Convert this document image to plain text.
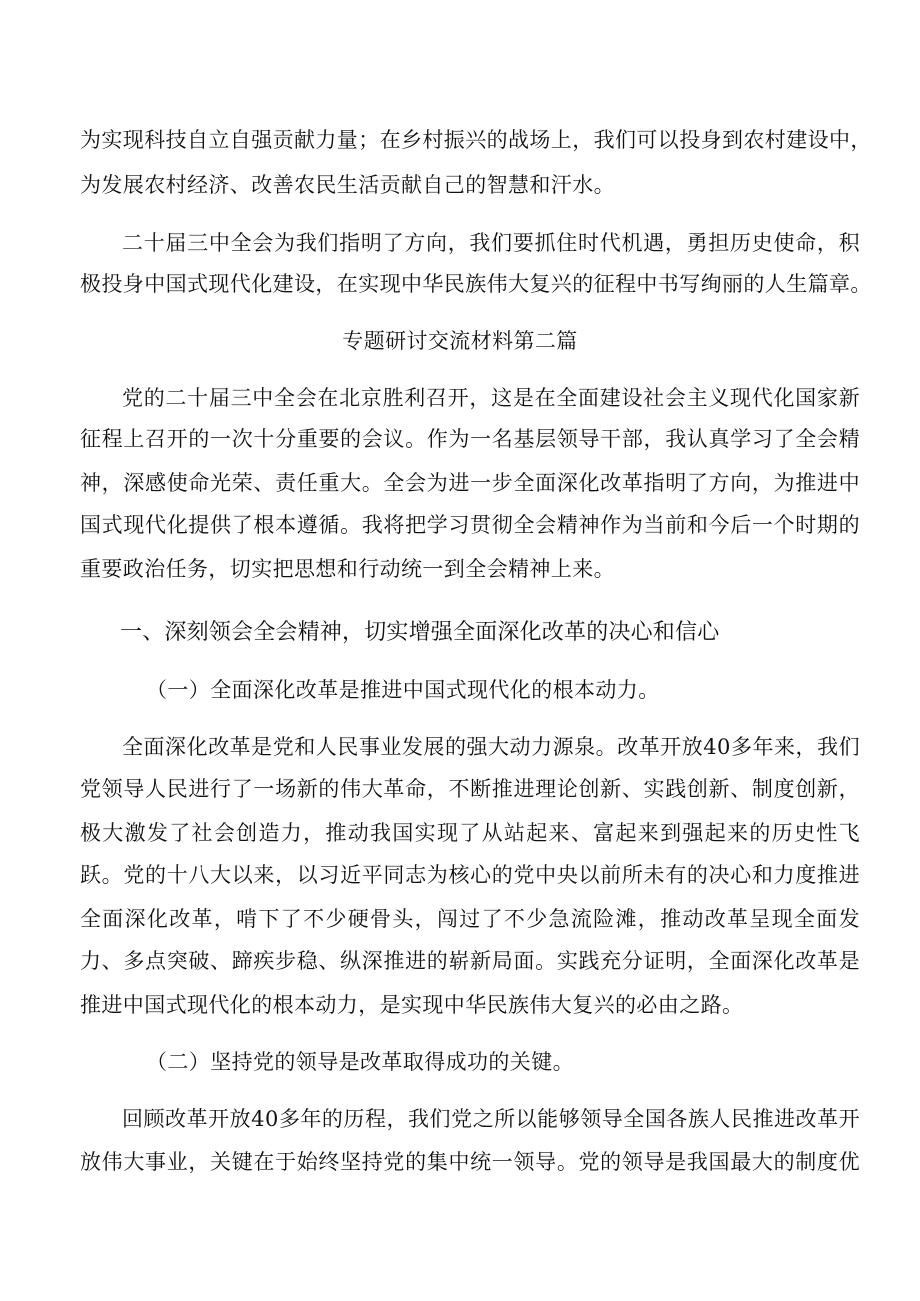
为实现科技自立自强贡献力量；在乡村振兴的战场上，我们可以投身到农村建设中，
为发展农村经济、改善农民生活贡献自己的智慧和汗水。
二十届三中全会为我们指明了方向，我们要抓住时代机遇，勇担历史使命，积
极投身中国式现代化建设，在实现中华民族伟大复兴的征程中书写绚丽的人生篇章。
专题研讨交流材料第二篇
党的二十届三中全会在北京胜利召开，这是在全面建设社会主义现代化国家新
征程上召开的一次十分重要的会议。作为一名基层领导干部，我认真学习了全会精
神，深感使命光荣、责任重大。全会为进一步全面深化改革指明了方向，为推进中
国式现代化提供了根本遵循。我将把学习贯彻全会精神作为当前和今后一个时期的
重要政治任务，切实把思想和行动统一到全会精神上来。
一、深刻领会全会精神，切实增强全面深化改革的决心和信心
（一）全面深化改革是推进中国式现代化的根本动力。
全面深化改革是党和人民事业发展的强大动力源泉。改革开放40多年来，我们
党领导人民进行了一场新的伟大革命，不断推进理论创新、实践创新、制度创新，
极大激发了社会创造力，推动我国实现了从站起来、富起来到强起来的历史性飞
跃。党的十八大以来，以习近平同志为核心的党中央以前所未有的决心和力度推进
全面深化改革，啃下了不少硬骨头，闯过了不少急流险滩，推动改革呈现全面发
力、多点突破、蹄疾步稳、纵深推进的崭新局面。实践充分证明，全面深化改革是
推进中国式现代化的根本动力，是实现中华民族伟大复兴的必由之路。
（二）坚持党的领导是改革取得成功的关键。
回顾改革开放40多年的历程，我们党之所以能够领导全国各族人民推进改革开
放伟大事业，关键在于始终坚持党的集中统一领导。党的领导是我国最大的制度优
